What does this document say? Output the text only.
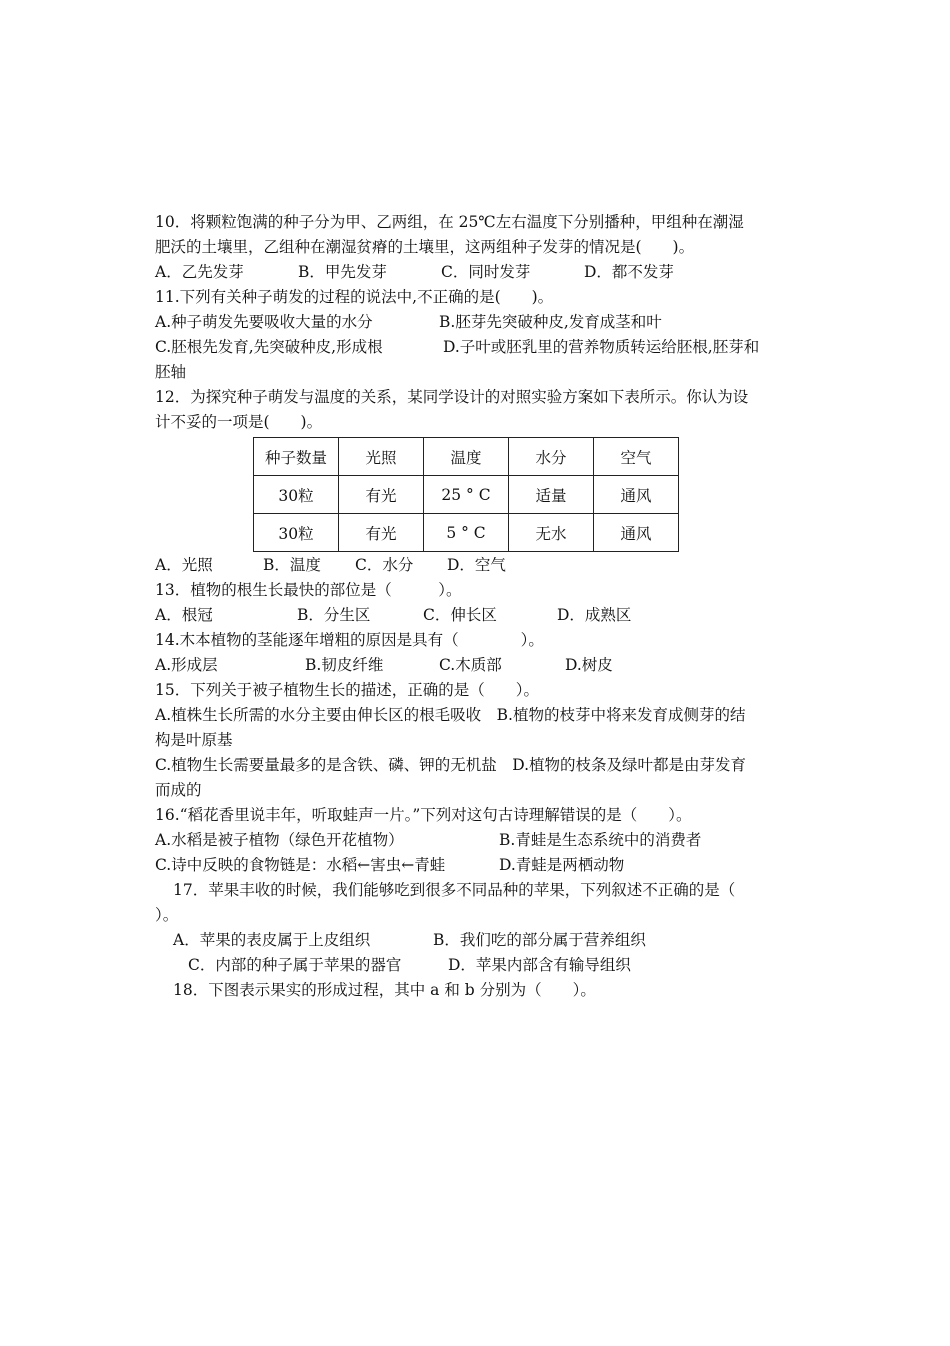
10．将颗粒饱满的种子分为甲、乙两组，在 25℃左右温度下分别播种，甲组种在潮湿
肥沃的土壤里，乙组种在潮湿贫瘠的土壤里，这两组种子发芽的情况是(　　)。
A．乙先发芽	B．甲先发芽	C．同时发芽	D．都不发芽
11.下列有关种子萌发的过程的说法中,不正确的是(　　)。
A.种子萌发先要吸收大量的水分	B.胚芽先突破种皮,发育成茎和叶
C.胚根先发育,先突破种皮,形成根	D.子叶或胚乳里的营养物质转运给胚根,胚芽和
胚轴
12．为探究种子萌发与温度的关系，某同学设计的对照实验方案如下表所示。你认为设
计不妥的一项是(　　)。
种子数量	光照	温度	水分	空气
30粒	有光	25 ° C	适量	通风
30粒	有光	5 ° C	无水	通风
A．光照	B．温度	C．水分	D．空气
13．植物的根生长最快的部位是（　　　）。
A．根冠	B．分生区	C．伸长区	D．成熟区
14.木本植物的茎能逐年增粗的原因是具有（　　　　）。
A.形成层	B.韧皮纤维	C.木质部	D.树皮
15．下列关于被子植物生长的描述，正确的是（　　）。
A.植株生长所需的水分主要由伸长区的根毛吸收　B.植物的枝芽中将来发育成侧芽的结
构是叶原基
C.植物生长需要量最多的是含铁、磷、钾的无机盐　D.植物的枝条及绿叶都是由芽发育
而成的
16.“稻花香里说丰年，听取蛙声一片。”下列对这句古诗理解错误的是（　　）。
A.水稻是被子植物（绿色开花植物）	B.青蛙是生态系统中的消费者
C.诗中反映的食物链是：水稻←害虫←青蛙	D.青蛙是两栖动物
17．苹果丰收的时候，我们能够吃到很多不同品种的苹果，下列叙述不正确的是（
）。
A．苹果的表皮属于上皮组织	B．我们吃的部分属于营养组织
C．内部的种子属于苹果的器官	D．苹果内部含有输导组织
18．下图表示果实的形成过程，其中 a 和 b 分别为（　　）。
